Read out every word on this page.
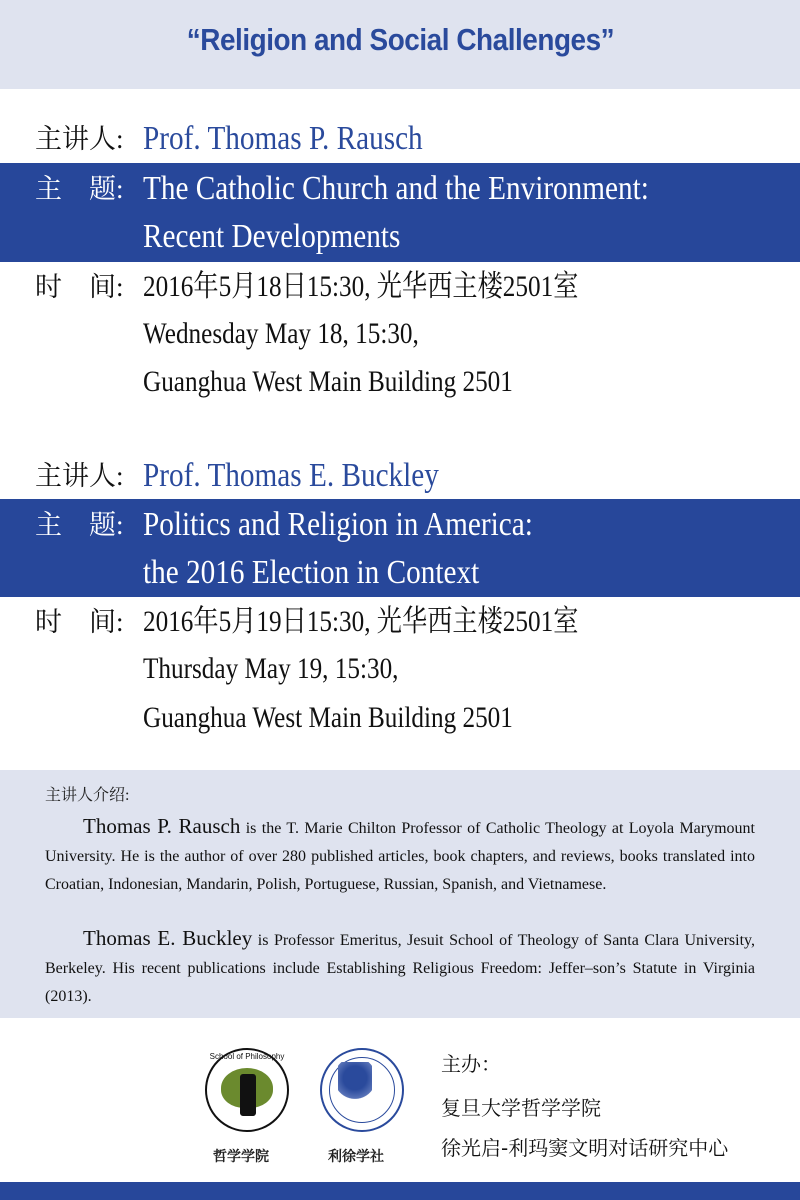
“Religion and Social Challenges”
主讲人: Prof. Thomas P. Rausch
主　题: The Catholic Church and the Environment:
Recent Developments
时　间: 2016年5月18日15:30, 光华西主楼2501室
Wednesday May 18, 15:30,
Guanghua West Main Building 2501
主讲人: Prof. Thomas E. Buckley
主　题: Politics and Religion in America:
the 2016 Election in Context
时　间: 2016年5月19日15:30, 光华西主楼2501室
Thursday May 19, 15:30,
Guanghua West Main Building 2501
主讲人介绍:
Thomas P. Rausch is the T. Marie Chilton Professor of Catholic Theology at Loyola Marymount University. He is the author of over 280 published articles, book chapters, and reviews, books translated into Croatian, Indonesian, Mandarin, Polish, Portuguese, Russian, Spanish, and Vietnamese.
Thomas E. Buckley is Professor Emeritus, Jesuit School of Theology of Santa Clara University, Berkeley. His recent publications include Establishing Religious Freedom: Jeffer–son’s Statute in Virginia (2013).
School of Philosophy
哲学学院	利徐学社
主办：
复旦大学哲学学院
徐光启-利玛窦文明对话研究中心
